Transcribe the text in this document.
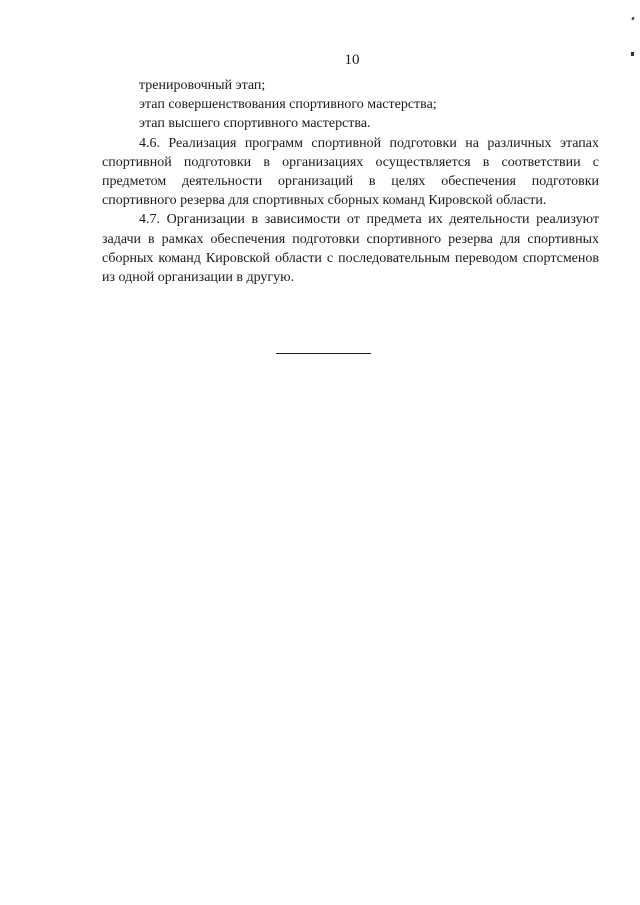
10
тренировочный этап;
этап совершенствования спортивного мастерства;
этап высшего спортивного мастерства.
4.6. Реализация программ спортивной подготовки на различных этапах спортивной подготовки в организациях осуществляется в соответствии с предметом деятельности организаций в целях обеспечения подготовки спортивного резерва для спортивных сборных команд Кировской области.
4.7. Организации в зависимости от предмета их деятельности реализуют задачи в рамках обеспечения подготовки спортивного резерва для спортивных сборных команд Кировской области с последовательным переводом спортсменов из одной организации в другую.
